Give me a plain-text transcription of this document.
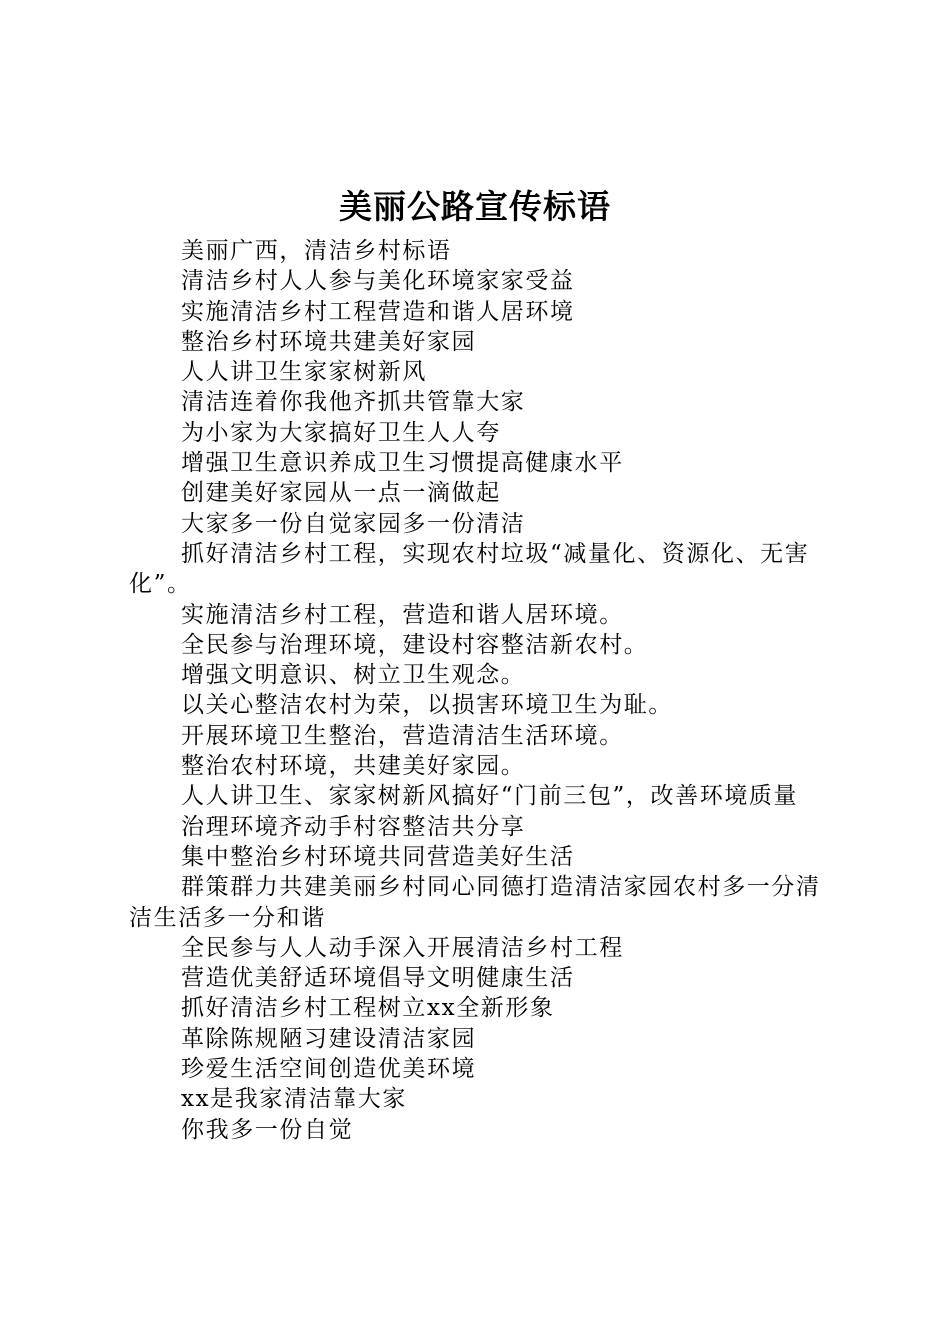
美丽公路宣传标语

美丽广西，清洁乡村标语

清洁乡村人人参与美化环境家家受益

实施清洁乡村工程营造和谐人居环境

整治乡村环境共建美好家园

人人讲卫生家家树新风

清洁连着你我他齐抓共管靠大家

为小家为大家搞好卫生人人夸

增强卫生意识养成卫生习惯提高健康水平

创建美好家园从一点一滴做起

大家多一份自觉家园多一份清洁

抓好清洁乡村工程，实现农村垃圾“减量化、资源化、无害化”。

实施清洁乡村工程，营造和谐人居环境。

全民参与治理环境，建设村容整洁新农村。

增强文明意识、树立卫生观念。

以关心整洁农村为荣，以损害环境卫生为耻。

开展环境卫生整治，营造清洁生活环境。

整治农村环境，共建美好家园。

人人讲卫生、家家树新风搞好“门前三包”，改善环境质量

治理环境齐动手村容整洁共分享

集中整治乡村环境共同营造美好生活

群策群力共建美丽乡村同心同德打造清洁家园农村多一分清洁生活多一分和谐

全民参与人人动手深入开展清洁乡村工程

营造优美舒适环境倡导文明健康生活

抓好清洁乡村工程树立xx全新形象

革除陈规陋习建设清洁家园

珍爱生活空间创造优美环境

xx是我家清洁靠大家

你我多一份自觉
